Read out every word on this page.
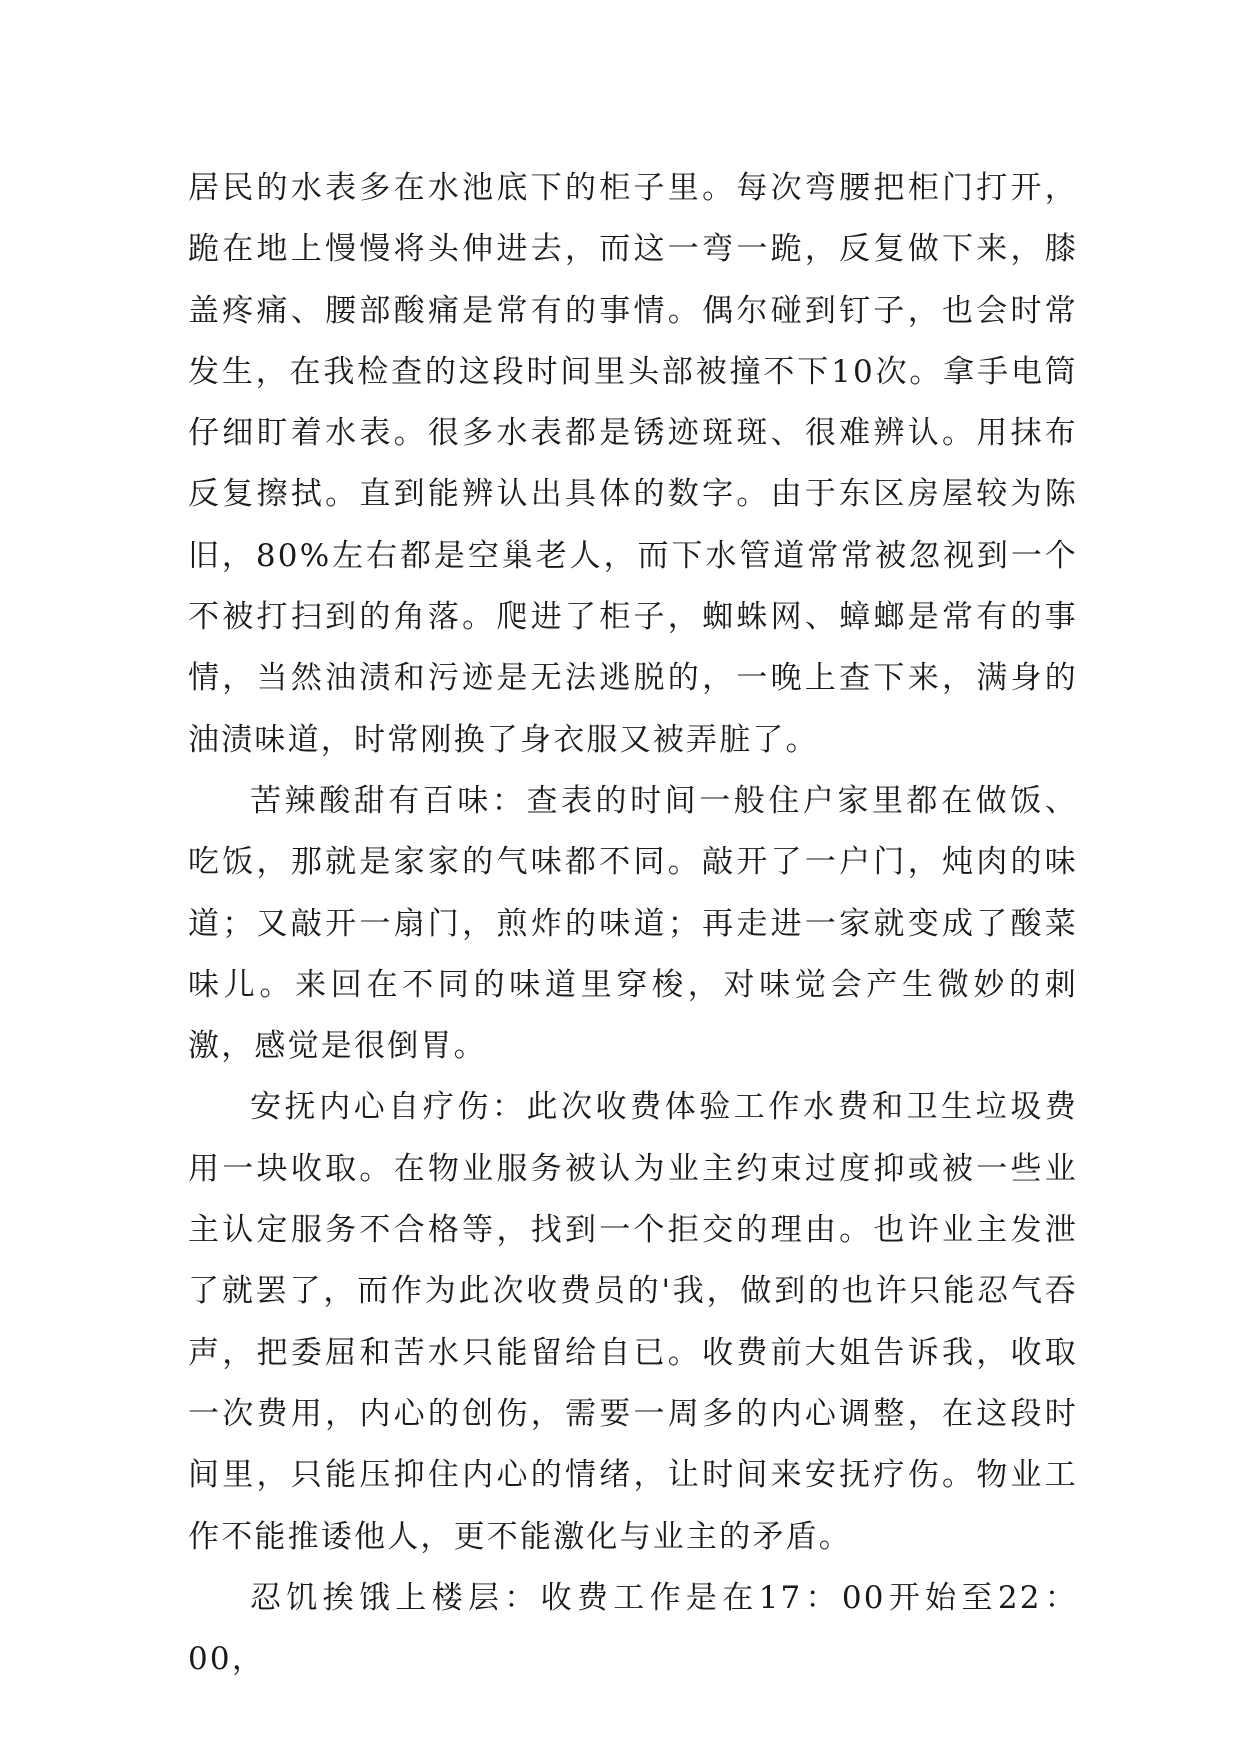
居民的水表多在水池底下的柜子里。每次弯腰把柜门打开，跪在地上慢慢将头伸进去，而这一弯一跪，反复做下来，膝盖疼痛、腰部酸痛是常有的事情。偶尔碰到钉子，也会时常发生，在我检查的这段时间里头部被撞不下10次。拿手电筒仔细盯着水表。很多水表都是锈迹斑斑、很难辨认。用抹布反复擦拭。直到能辨认出具体的数字。由于东区房屋较为陈旧，80%左右都是空巢老人，而下水管道常常被忽视到一个不被打扫到的角落。爬进了柜子，蜘蛛网、蟑螂是常有的事情，当然油渍和污迹是无法逃脱的，一晚上查下来，满身的油渍味道，时常刚换了身衣服又被弄脏了。

苦辣酸甜有百味：查表的时间一般住户家里都在做饭、吃饭，那就是家家的气味都不同。敲开了一户门，炖肉的味道；又敲开一扇门，煎炸的味道；再走进一家就变成了酸菜味儿。来回在不同的味道里穿梭，对味觉会产生微妙的刺激，感觉是很倒胃。

安抚内心自疗伤：此次收费体验工作水费和卫生垃圾费用一块收取。在物业服务被认为业主约束过度抑或被一些业主认定服务不合格等，找到一个拒交的理由。也许业主发泄了就罢了，而作为此次收费员的'我，做到的也许只能忍气吞声，把委屈和苦水只能留给自已。收费前大姐告诉我，收取一次费用，内心的创伤，需要一周多的内心调整，在这段时间里，只能压抑住内心的情绪，让时间来安抚疗伤。物业工作不能推诿他人，更不能激化与业主的矛盾。

忍饥挨饿上楼层：收费工作是在17：00开始至22：00，
